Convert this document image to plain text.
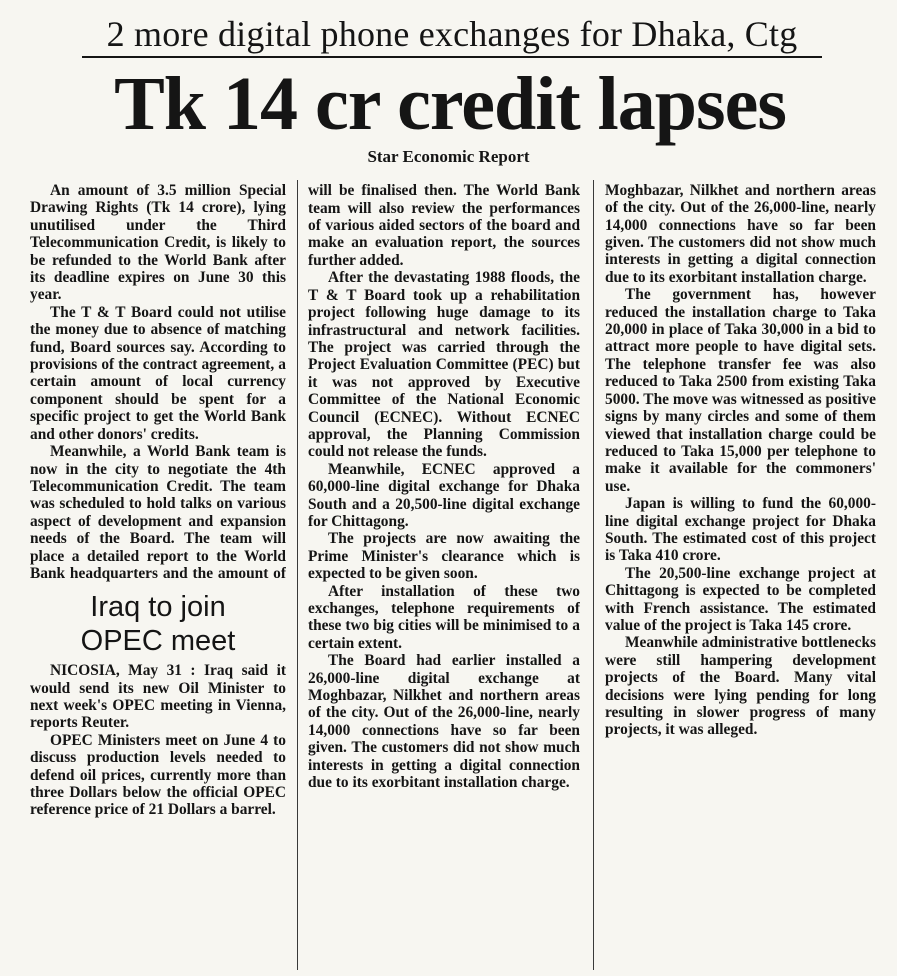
2 more digital phone exchanges for Dhaka, Ctg
Tk 14 cr credit lapses
Star Economic Report

An amount of 3.5 million Special Drawing Rights (Tk 14 crore), lying unutilised under the Third Telecommunication Credit, is likely to be refunded to the World Bank after its deadline expires on June 30 this year.

The T & T Board could not utilise the money due to absence of matching fund, Board sources say. According to provisions of the contract agreement, a certain amount of local currency component should be spent for a specific project to get the World Bank and other donors' credits.

Meanwhile, a World Bank team is now in the city to negotiate the 4th Telecommunication Credit. The team was scheduled to hold talks on various aspect of development and expansion needs of the Board. The team will place a detailed report to the World Bank headquarters and the amount of

Iraq to join
OPEC meet

NICOSIA, May 31 : Iraq said it would send its new Oil Minister to next week's OPEC meeting in Vienna, reports Reuter.

OPEC Ministers meet on June 4 to discuss production levels needed to defend oil prices, currently more than three Dollars below the official OPEC reference price of 21 Dollars a barrel.

will be finalised then. The World Bank team will also review the performances of various aided sectors of the board and make an evaluation report, the sources further added.

After the devastating 1988 floods, the T & T Board took up a rehabilitation project following huge damage to its infrastructural and network facilities. The project was carried through the Project Evaluation Committee (PEC) but it was not approved by Executive Committee of the National Economic Council (ECNEC). Without ECNEC approval, the Planning Commission could not release the funds.

Meanwhile, ECNEC approved a 60,000-line digital exchange for Dhaka South and a 20,500-line digital exchange for Chittagong.

The projects are now awaiting the Prime Minister's clearance which is expected to be given soon.

After installation of these two exchanges, telephone requirements of these two big cities will be minimised to a certain extent.

The Board had earlier installed a 26,000-line digital exchange at Moghbazar, Nilkhet and northern areas of the city. Out of the 26,000-line, nearly 14,000 connections have so far been given. The customers did not show much interests in getting a digital connection due to its exorbitant installation charge.

Moghbazar, Nilkhet and northern areas of the city. Out of the 26,000-line, nearly 14,000 connections have so far been given. The customers did not show much interests in getting a digital connection due to its exorbitant installation charge.

The government has, however reduced the installation charge to Taka 20,000 in place of Taka 30,000 in a bid to attract more people to have digital sets. The telephone transfer fee was also reduced to Taka 2500 from existing Taka 5000. The move was witnessed as positive signs by many circles and some of them viewed that installation charge could be reduced to Taka 15,000 per telephone to make it available for the commoners' use.

Japan is willing to fund the 60,000-line digital exchange project for Dhaka South. The estimated cost of this project is Taka 410 crore.

The 20,500-line exchange project at Chittagong is expected to be completed with French assistance. The estimated value of the project is Taka 145 crore.

Meanwhile administrative bottlenecks were still hampering development projects of the Board. Many vital decisions were lying pending for long resulting in slower progress of many projects, it was alleged.
